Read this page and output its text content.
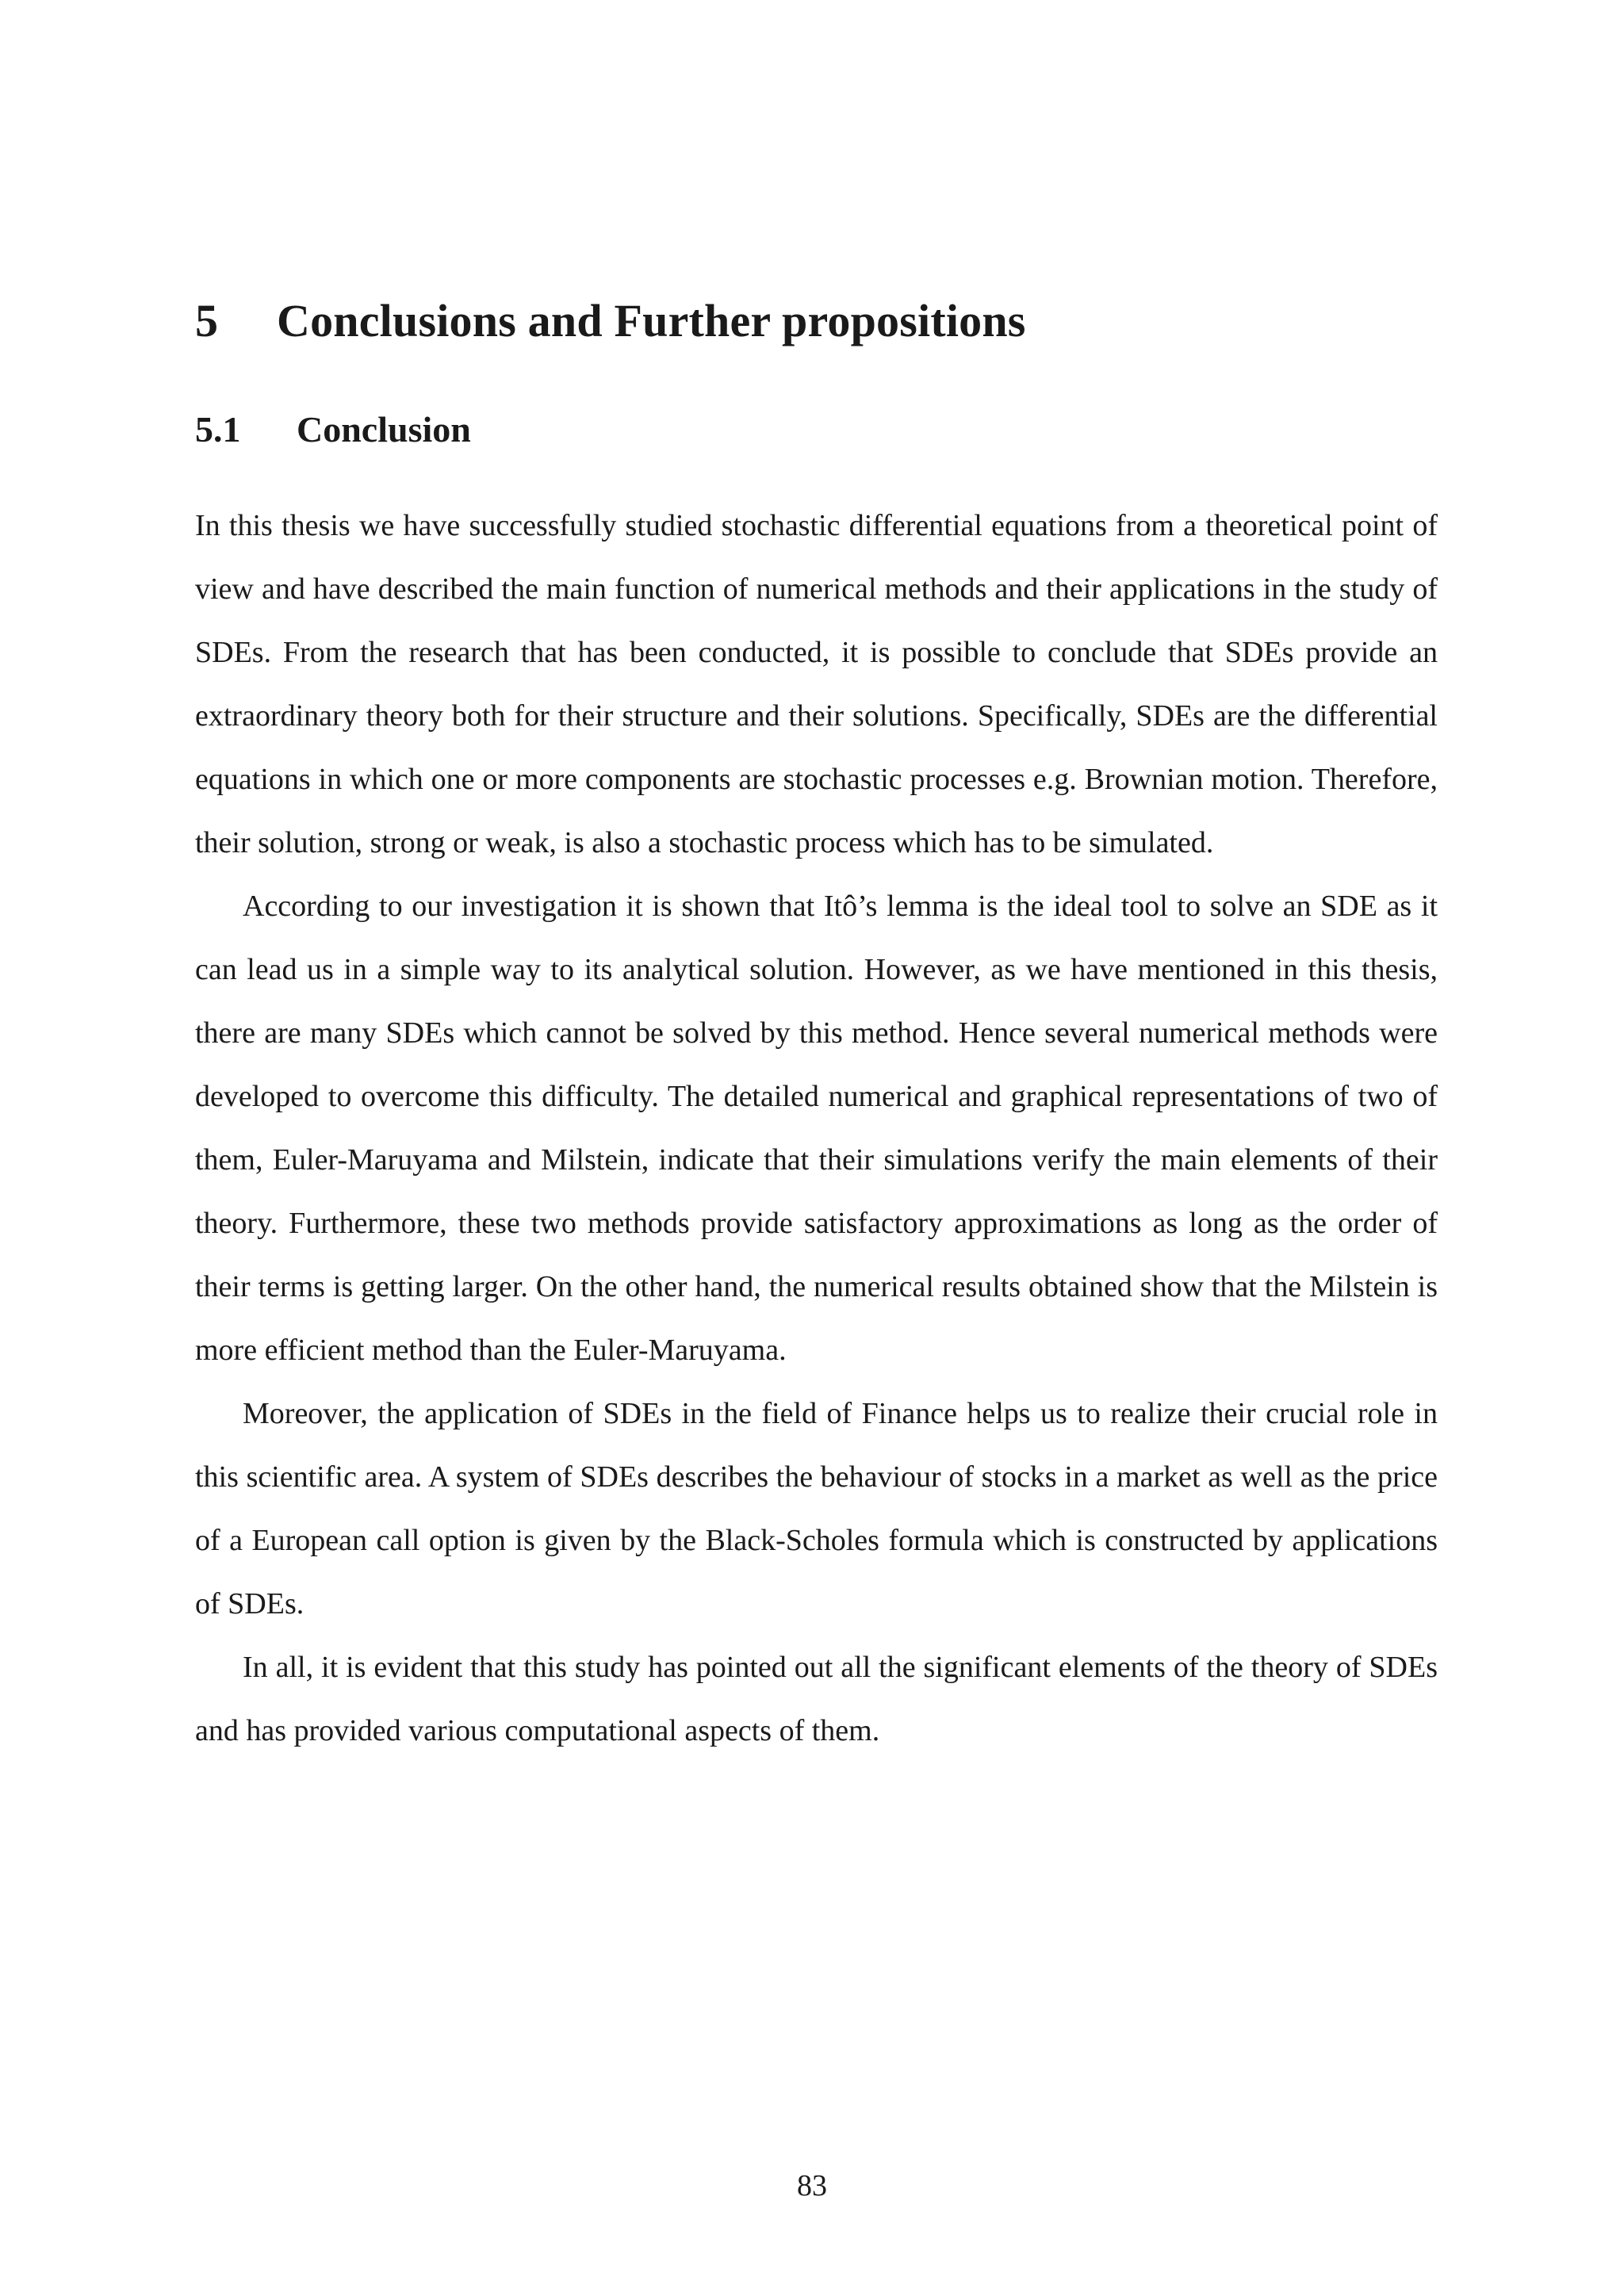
5	Conclusions and Further propositions
5.1	Conclusion

In this thesis we have successfully studied stochastic differential equations from a theoretical point of view and have described the main function of numerical methods and their applications in the study of SDEs. From the research that has been conducted, it is possible to conclude that SDEs provide an extraordinary theory both for their structure and their solutions. Specifically, SDEs are the differential equations in which one or more components are stochastic processes e.g. Brownian motion. Therefore, their solution, strong or weak, is also a stochastic process which has to be simulated.

According to our investigation it is shown that Itô’s lemma is the ideal tool to solve an SDE as it can lead us in a simple way to its analytical solution. However, as we have mentioned in this thesis, there are many SDEs which cannot be solved by this method. Hence several numerical methods were developed to overcome this difficulty. The detailed numerical and graphical representations of two of them, Euler-Maruyama and Milstein, indicate that their simulations verify the main elements of their theory. Furthermore, these two methods provide satisfactory approximations as long as the order of their terms is getting larger. On the other hand, the numerical results obtained show that the Milstein is more efficient method than the Euler-Maruyama.

Moreover, the application of SDEs in the field of Finance helps us to realize their crucial role in this scientific area. A system of SDEs describes the behaviour of stocks in a market as well as the price of a European call option is given by the Black-Scholes formula which is constructed by applications of SDEs.

In all, it is evident that this study has pointed out all the significant elements of the theory of SDEs and has provided various computational aspects of them.

83
